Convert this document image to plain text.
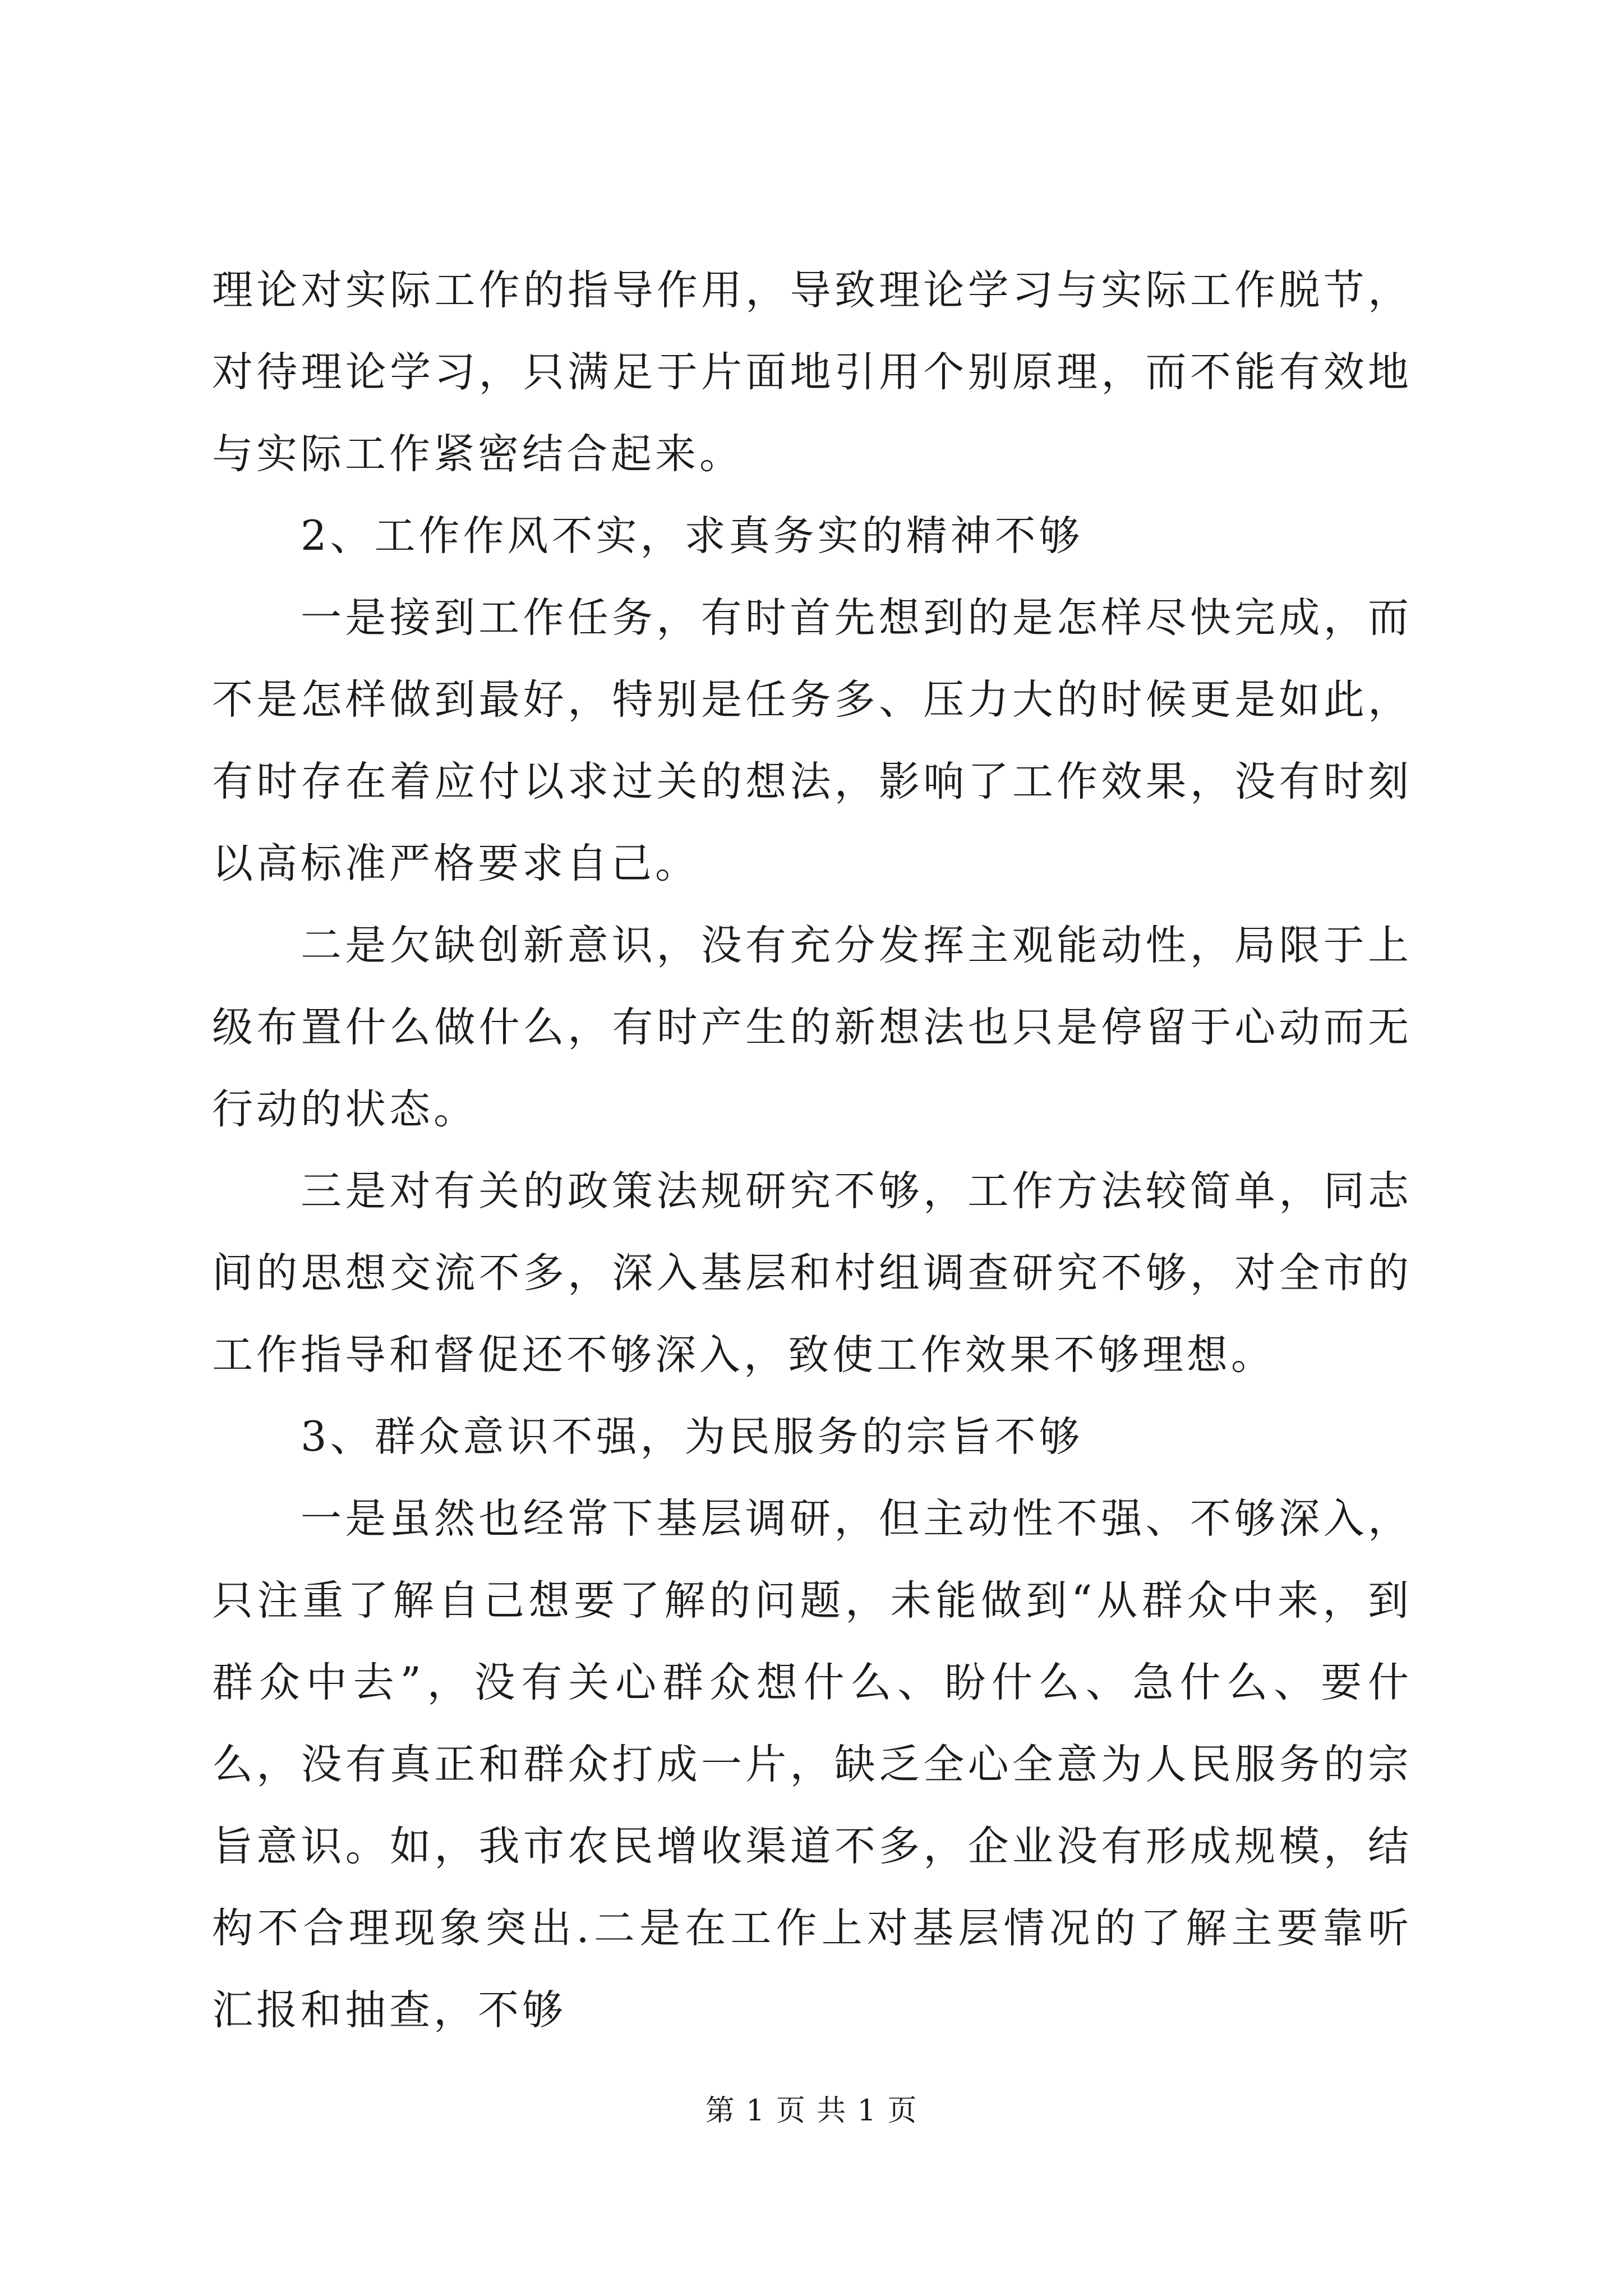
理论对实际工作的指导作用，导致理论学习与实际工作脱节，对待理论学习，只满足于片面地引用个别原理，而不能有效地与实际工作紧密结合起来。

2、工作作风不实，求真务实的精神不够

一是接到工作任务，有时首先想到的是怎样尽快完成，而不是怎样做到最好，特别是任务多、压力大的时候更是如此，有时存在着应付以求过关的想法，影响了工作效果，没有时刻以高标准严格要求自己。

二是欠缺创新意识，没有充分发挥主观能动性，局限于上级布置什么做什么，有时产生的新想法也只是停留于心动而无行动的状态。

三是对有关的政策法规研究不够，工作方法较简单，同志间的思想交流不多，深入基层和村组调查研究不够，对全市的工作指导和督促还不够深入，致使工作效果不够理想。

3、群众意识不强，为民服务的宗旨不够

一是虽然也经常下基层调研，但主动性不强、不够深入，只注重了解自己想要了解的问题，未能做到“从群众中来，到群众中去”，没有关心群众想什么、盼什么、急什么、要什么，没有真正和群众打成一片，缺乏全心全意为人民服务的宗旨意识。如，我市农民增收渠道不多，企业没有形成规模，结构不合理现象突出.二是在工作上对基层情况的了解主要靠听汇报和抽查，不够

第 1 页 共 1 页
